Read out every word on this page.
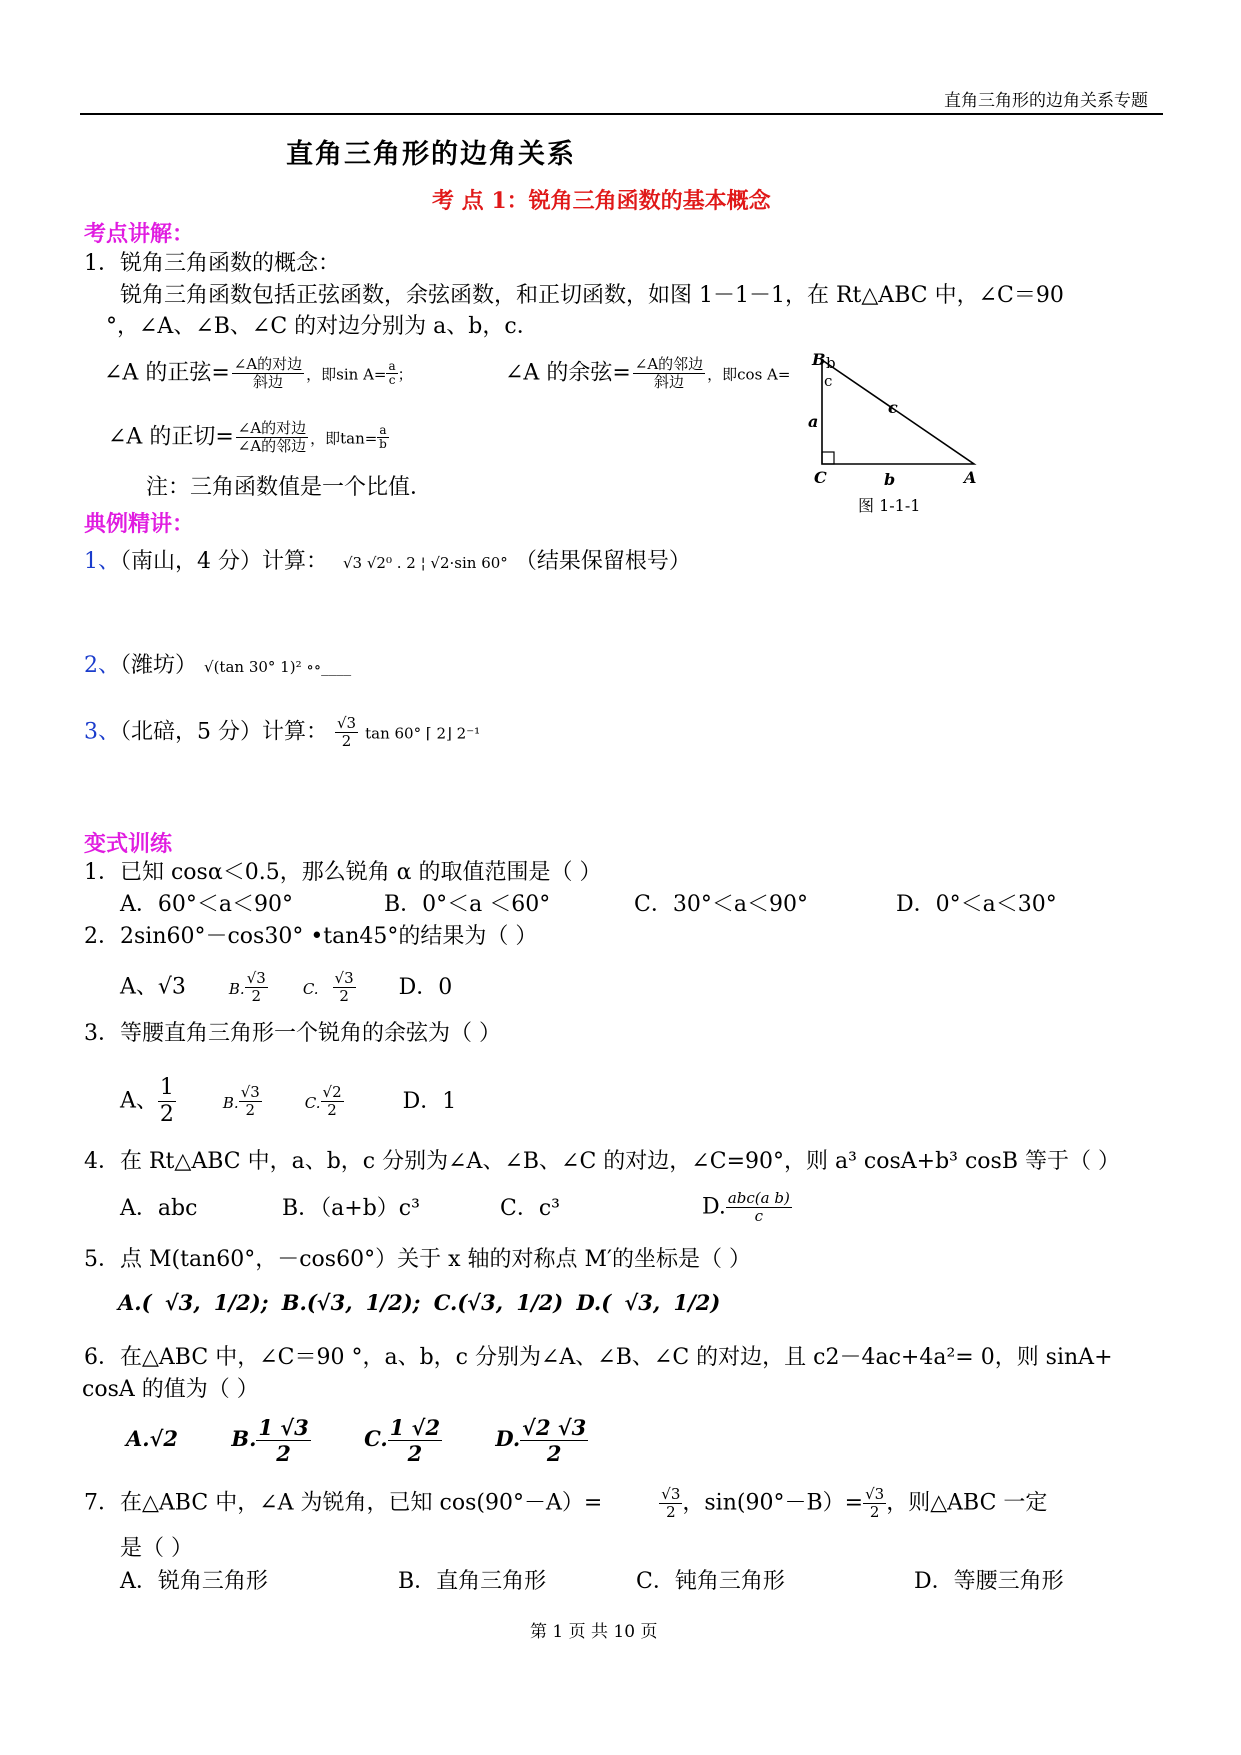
直角三角形的边角关系专题
直角三角形的边角关系
考 点 1：锐角三角函数的基本概念
考点讲解：
1．锐角三角函数的概念：
锐角三角函数包括正弦函数，余弦函数，和正切函数，如图 1－1－1，在 Rt△ABC 中，∠C＝90
°，∠A、∠B、∠C 的对边分别为 a、b，c．
∠A 的正弦= $\frac{\text{∠A的对边}}{\text{斜边}}$ ，即$\sin A= \frac{a}{c}$ ；	∠A 的余弦= $\frac{\text{∠A的邻边}}{\text{斜边}}$ ，即cos A=
∠A 的正切= $\frac{\text{∠A的对边}}{\text{∠A的邻边}}$ ，即$\tan= \frac{a}{b}$
注：三角函数值是一个比值．
B b
c
a
c
C	b	A
图 1-1-1
典例精讲：
1、（南山，4 分）计算： √3 √2⁰ . 2 ¦ √2·sin 60° （结果保留根号）
2、（潍坊） √(tan 30° 1)² ∘∘____
3、（北碚，5 分）计算： $\frac{√3}{2}$ tan 60° ⌈ 2⌋ 2⁻¹
变式训练
1．已知 cosα＜0.5，那么锐角 α 的取值范围是（ ）
A．60°＜a＜90°	B．0°＜a ＜60°	C．30°＜a＜90°	D．0°＜a＜30°
2．2sin60°－cos30° •tan45°的结果为（ ）
A、√3	B. $\frac{√3}{2} C$. $\frac{√3}{2}$ D．0
3．等腰直角三角形一个锐角的余弦为（ ）
A、 $\frac{1}{2}$	B. $\frac{√3}{2}$	C. $\frac{√2}{2}$	D．1
4．在 Rt△ABC 中，a、b，c 分别为∠A、∠B、∠C 的对边，∠C=90°，则 a³ cosA+b³ cosB 等于（ ）
A．abc	B．（a+b）c³	C．c³	D. $\frac{\text{abc(a b)}}{c}$
5．点 M(tan60°，－cos60°）关于 x 轴的对称点 M′的坐标是（ ）
A.( √3, 1/2); B.(√3, 1/2); C.(√3, 1/2) D.( √3, 1/2)
6．在△ABC 中，∠C＝90 °，a、b，c 分别为∠A、∠B、∠C 的对边，且 c2－4ac+4a²= 0，则 sinA+
cosA 的值为（ ）
A.√2	B. $\frac{1 √3}{2}$	C. $\frac{1 √2}{2}$	D. $\frac{√2 √3}{2}$
7．在△ABC 中，∠A 为锐角，已知 cos(90°－A）=	$\frac{√3}{2}$ ，$\sin(90^\circ-B)= \frac{√3}{2}$ ，则△ABC 一定
是（ ）
A．锐角三角形	B．直角三角形	C．钝角三角形	D．等腰三角形
第 1 页 共 10 页
